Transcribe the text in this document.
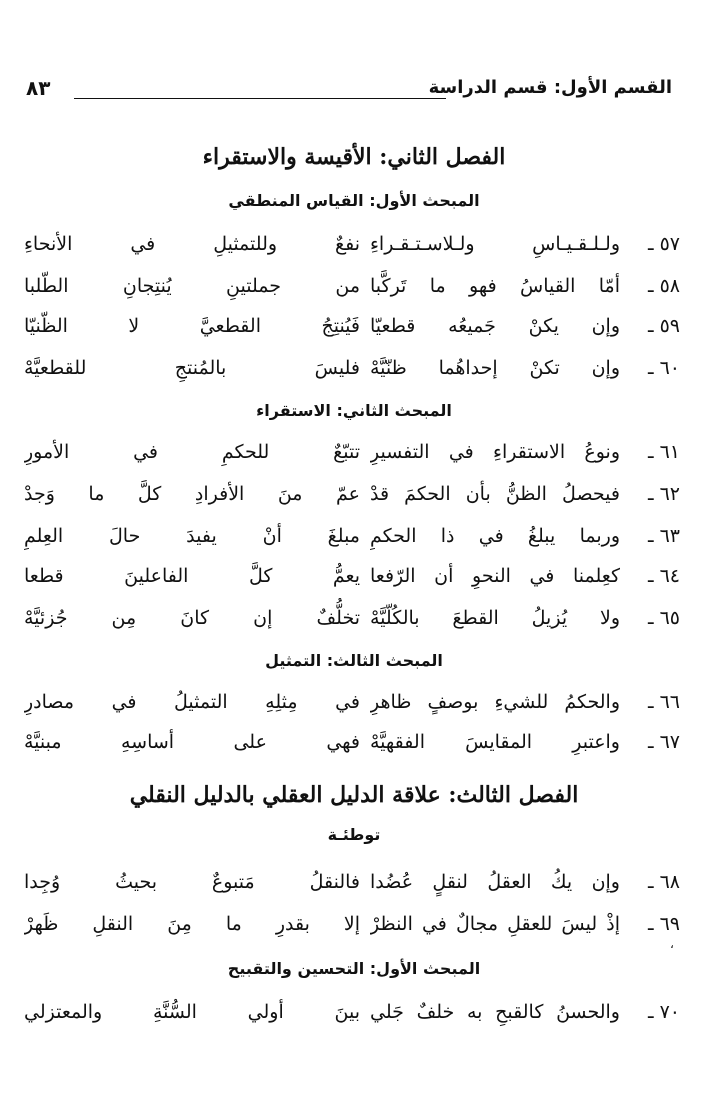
القسم الأول: قسم الدراسة
٨٣
الفصل الثاني: الأقيسة والاستقراء
المبحث الأول: القياس المنطقي
٥٧ ـ
ولـلـقـيـاسِ ولـلاسـتـقـراءِ
نفعٌ وللتمثيلِ في الأنحاءِ
٥٨ ـ
أمّا القياسُ فهو ما تَركَّبا
من جملتينِ يُنتِجانِ الطّلبا
٥٩ ـ
وإن يكنْ جَميعُه قطعيّا
فَيُنتِجُ القطعيَّ لا الظّنيّا
٦٠ ـ
وإن تكنْ إحداهُما ظنّيَّهْ
فليسَ بالمُنتجِ للقطعيَّهْ
المبحث الثاني: الاستقراء
٦١ ـ
ونوعُ الاستقراءِ في التفسيرِ
تتبّعٌ للحكمِ في الأمورِ
٦٢ ـ
فيحصلُ الظنُّ بأن الحكمَ قدْ
عمّ منَ الأفرادِ كلَّ ما وَجدْ
٦٣ ـ
وربما يبلغُ في ذا الحكمِ
مبلغَ أنْ يفيدَ حالَ العِلمِ
٦٤ ـ
كعِلمنا في النحوِ أن الرّفعا
يعمُّ كلَّ الفاعلينَ قطعا
٦٥ ـ
ولا يُزيلُ القطعَ بالكُلّيَّهْ
تخلُّفٌ إن كانَ مِن جُزئيَّهْ
المبحث الثالث: التمثيل
٦٦ ـ
والحكمُ للشيءِ بوصفٍ ظاهرِ
في مِثلِهِ التمثيلُ في مصادرِ
٦٧ ـ
واعتبرِ المقايسَ الفقهيَّهْ
فهي على أساسِهِ مبنيَّهْ
الفصل الثالث: علاقة الدليل العقلي بالدليل النقلي
توطئـة
٦٨ ـ
وإن يكُ العقلُ لنقلٍ عُضُدا
فالنقلُ مَتبوعٌ بحيثُ وُجِدا
٦٩ ـ
إذْ ليسَ للعقلِ مجالٌ في النظرْ
إلا بقدرِ ما مِنَ النقلِ ظَهرْ
المبحث الأول: التحسين والتقبيح
٧٠ ـ
والحسنُ كالقبحِ به خلفٌ جَلي
بينَ أولي السُّنَّةِ والمعتزلي
،
